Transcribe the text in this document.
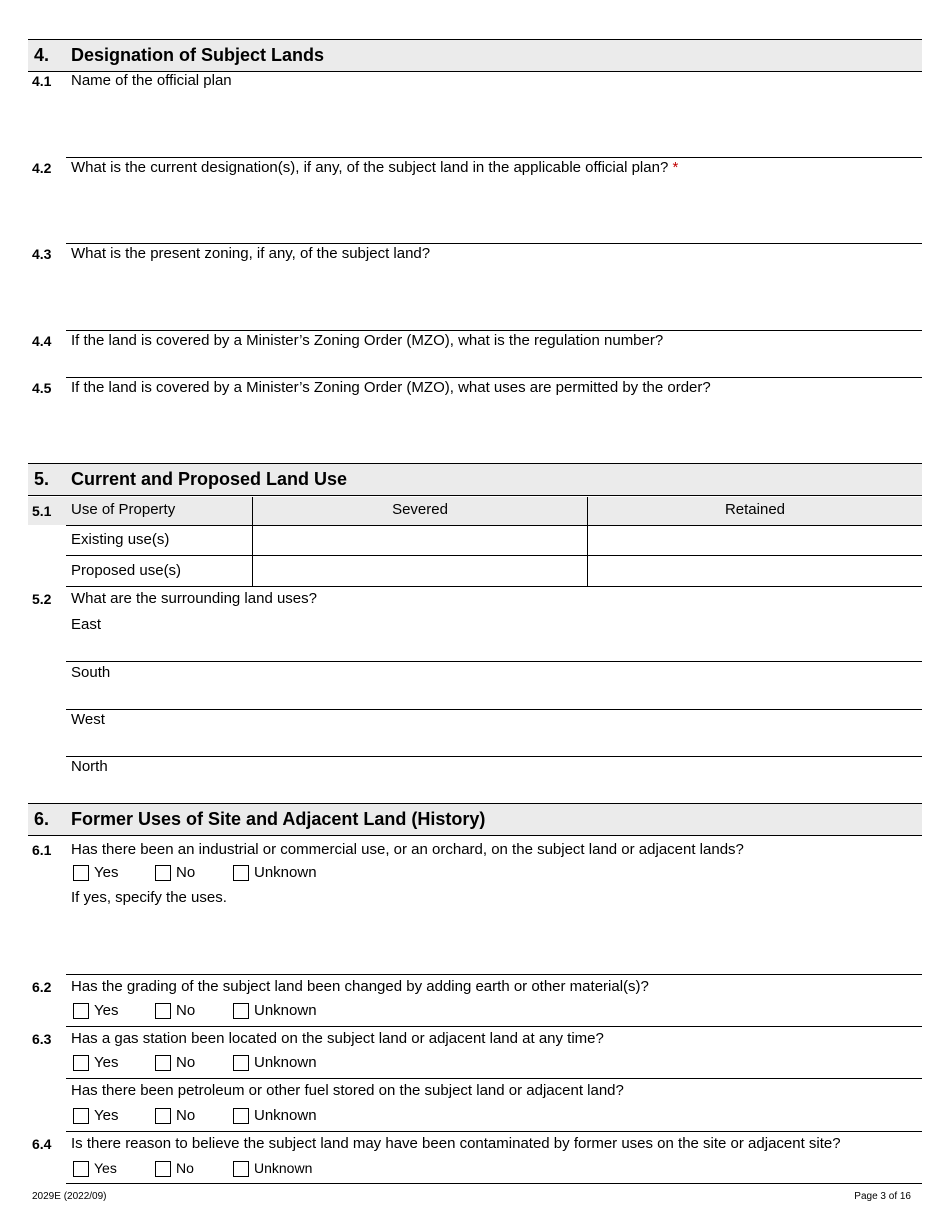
4. Designation of Subject Lands
4.1 Name of the official plan
4.2 What is the current designation(s), if any, of the subject land in the applicable official plan? *
4.3 What is the present zoning, if any, of the subject land?
4.4 If the land is covered by a Minister’s Zoning Order (MZO), what is the regulation number?
4.5 If the land is covered by a Minister’s Zoning Order (MZO), what uses are permitted by the order?
5. Current and Proposed Land Use
5.1 Use of Property	Severed	Retained
Existing use(s)
Proposed use(s)
5.2 What are the surrounding land uses?
East
South
West
North
6. Former Uses of Site and Adjacent Land (History)
6.1 Has there been an industrial or commercial use, or an orchard, on the subject land or adjacent lands?
Yes	No	Unknown
If yes, specify the uses.
6.2 Has the grading of the subject land been changed by adding earth or other material(s)?
Yes	No	Unknown
6.3 Has a gas station been located on the subject land or adjacent land at any time?
Yes	No	Unknown
Has there been petroleum or other fuel stored on the subject land or adjacent land?
Yes	No	Unknown
6.4 Is there reason to believe the subject land may have been contaminated by former uses on the site or adjacent site?
Yes	No	Unknown
2029E (2022/09)	Page 3 of 16
